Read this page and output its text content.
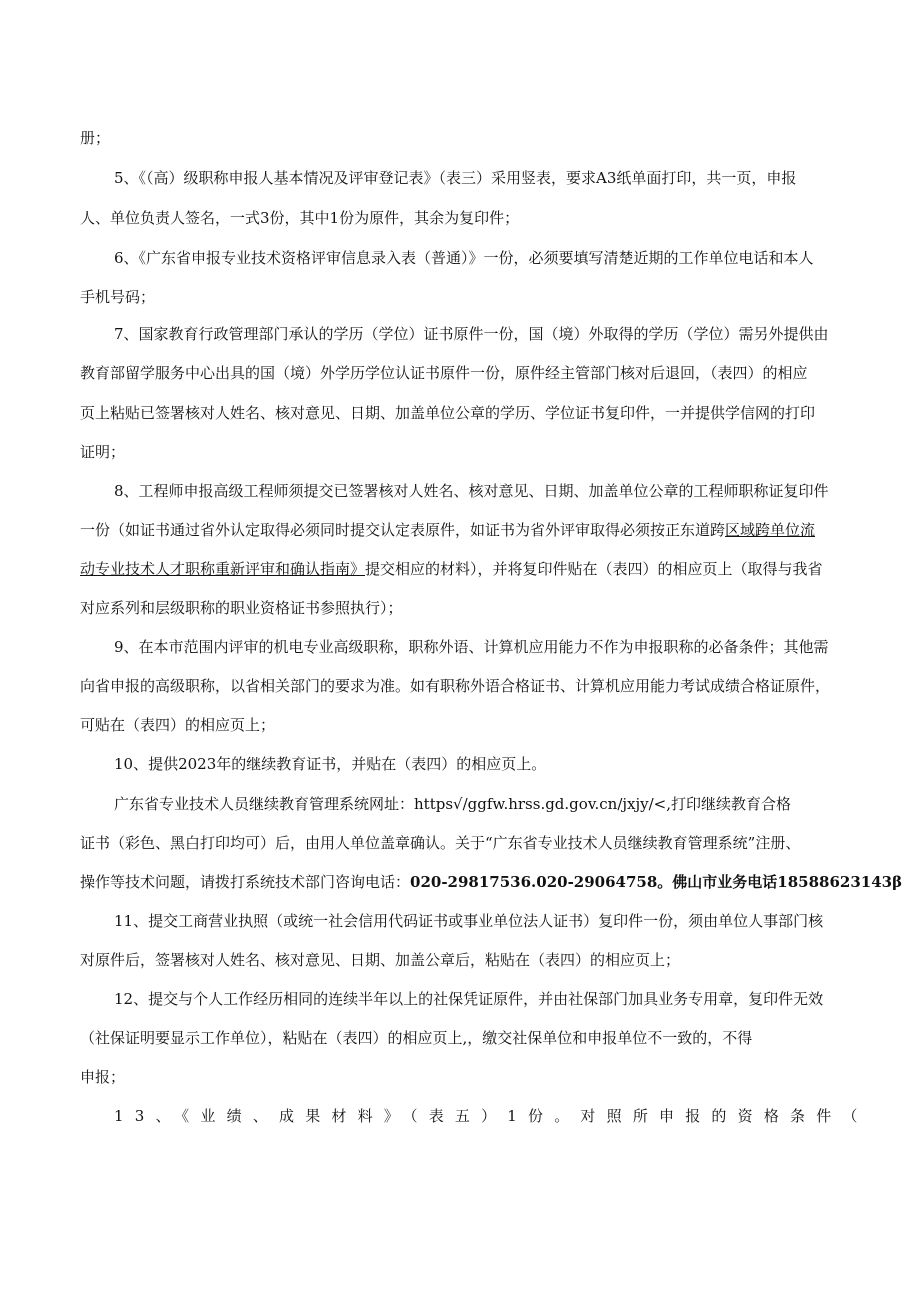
册；
5、《（高）级职称申报人基本情况及评审登记表》（表三）采用竖表，要求A3纸单面打印，共一页，申报
人、单位负责人签名，一式3份，其中1份为原件，其余为复印件；
6、《广东省申报专业技术资格评审信息录入表（普通）》一份，必须要填写清楚近期的工作单位电话和本人
手机号码；
7、国家教育行政管理部门承认的学历（学位）证书原件一份，国（境）外取得的学历（学位）需另外提供由
教育部留学服务中心出具的国（境）外学历学位认证书原件一份，原件经主管部门核对后退回，（表四）的相应
页上粘贴已签署核对人姓名、核对意见、日期、加盖单位公章的学历、学位证书复印件，一并提供学信网的打印
证明；
8、工程师申报高级工程师须提交已签署核对人姓名、核对意见、日期、加盖单位公章的工程师职称证复印件
一份（如证书通过省外认定取得必须同时提交认定表原件，如证书为省外评审取得必须按正东道跨区域跨单位流
动专业技术人才职称重新评审和确认指南》提交相应的材料），并将复印件贴在（表四）的相应页上（取得与我省
对应系列和层级职称的职业资格证书参照执行）；
9、在本市范围内评审的机电专业高级职称，职称外语、计算机应用能力不作为申报职称的必备条件；其他需
向省申报的高级职称，以省相关部门的要求为准。如有职称外语合格证书、计算机应用能力考试成绩合格证原件，
可贴在（表四）的相应页上；
10、提供2023年的继续教育证书，并贴在（表四）的相应页上。
广东省专业技术人员继续教育管理系统网址：https√/ggfw.hrss.gd.gov.cn/jxjy/<,打印继续教育合格
证书（彩色、黑白打印均可）后，由用人单位盖章确认。关于“广东省专业技术人员继续教育管理系统”注册、
操作等技术问题，请拨打系统技术部门咨询电话：020-29817536.020-29064758。佛山市业务电话18588623143β
11、提交工商营业执照（或统一社会信用代码证书或事业单位法人证书）复印件一份，须由单位人事部门核
对原件后，签署核对人姓名、核对意见、日期、加盖公章后，粘贴在（表四）的相应页上；
12、提交与个人工作经历相同的连续半年以上的社保凭证原件，并由社保部门加具业务专用章，复印件无效
（社保证明要显示工作单位），粘贴在（表四）的相应页上,，缴交社保单位和申报单位不一致的，不得
申报；
13、《业绩、成果材料》（表五）1份。对照所申报的资格条件（
